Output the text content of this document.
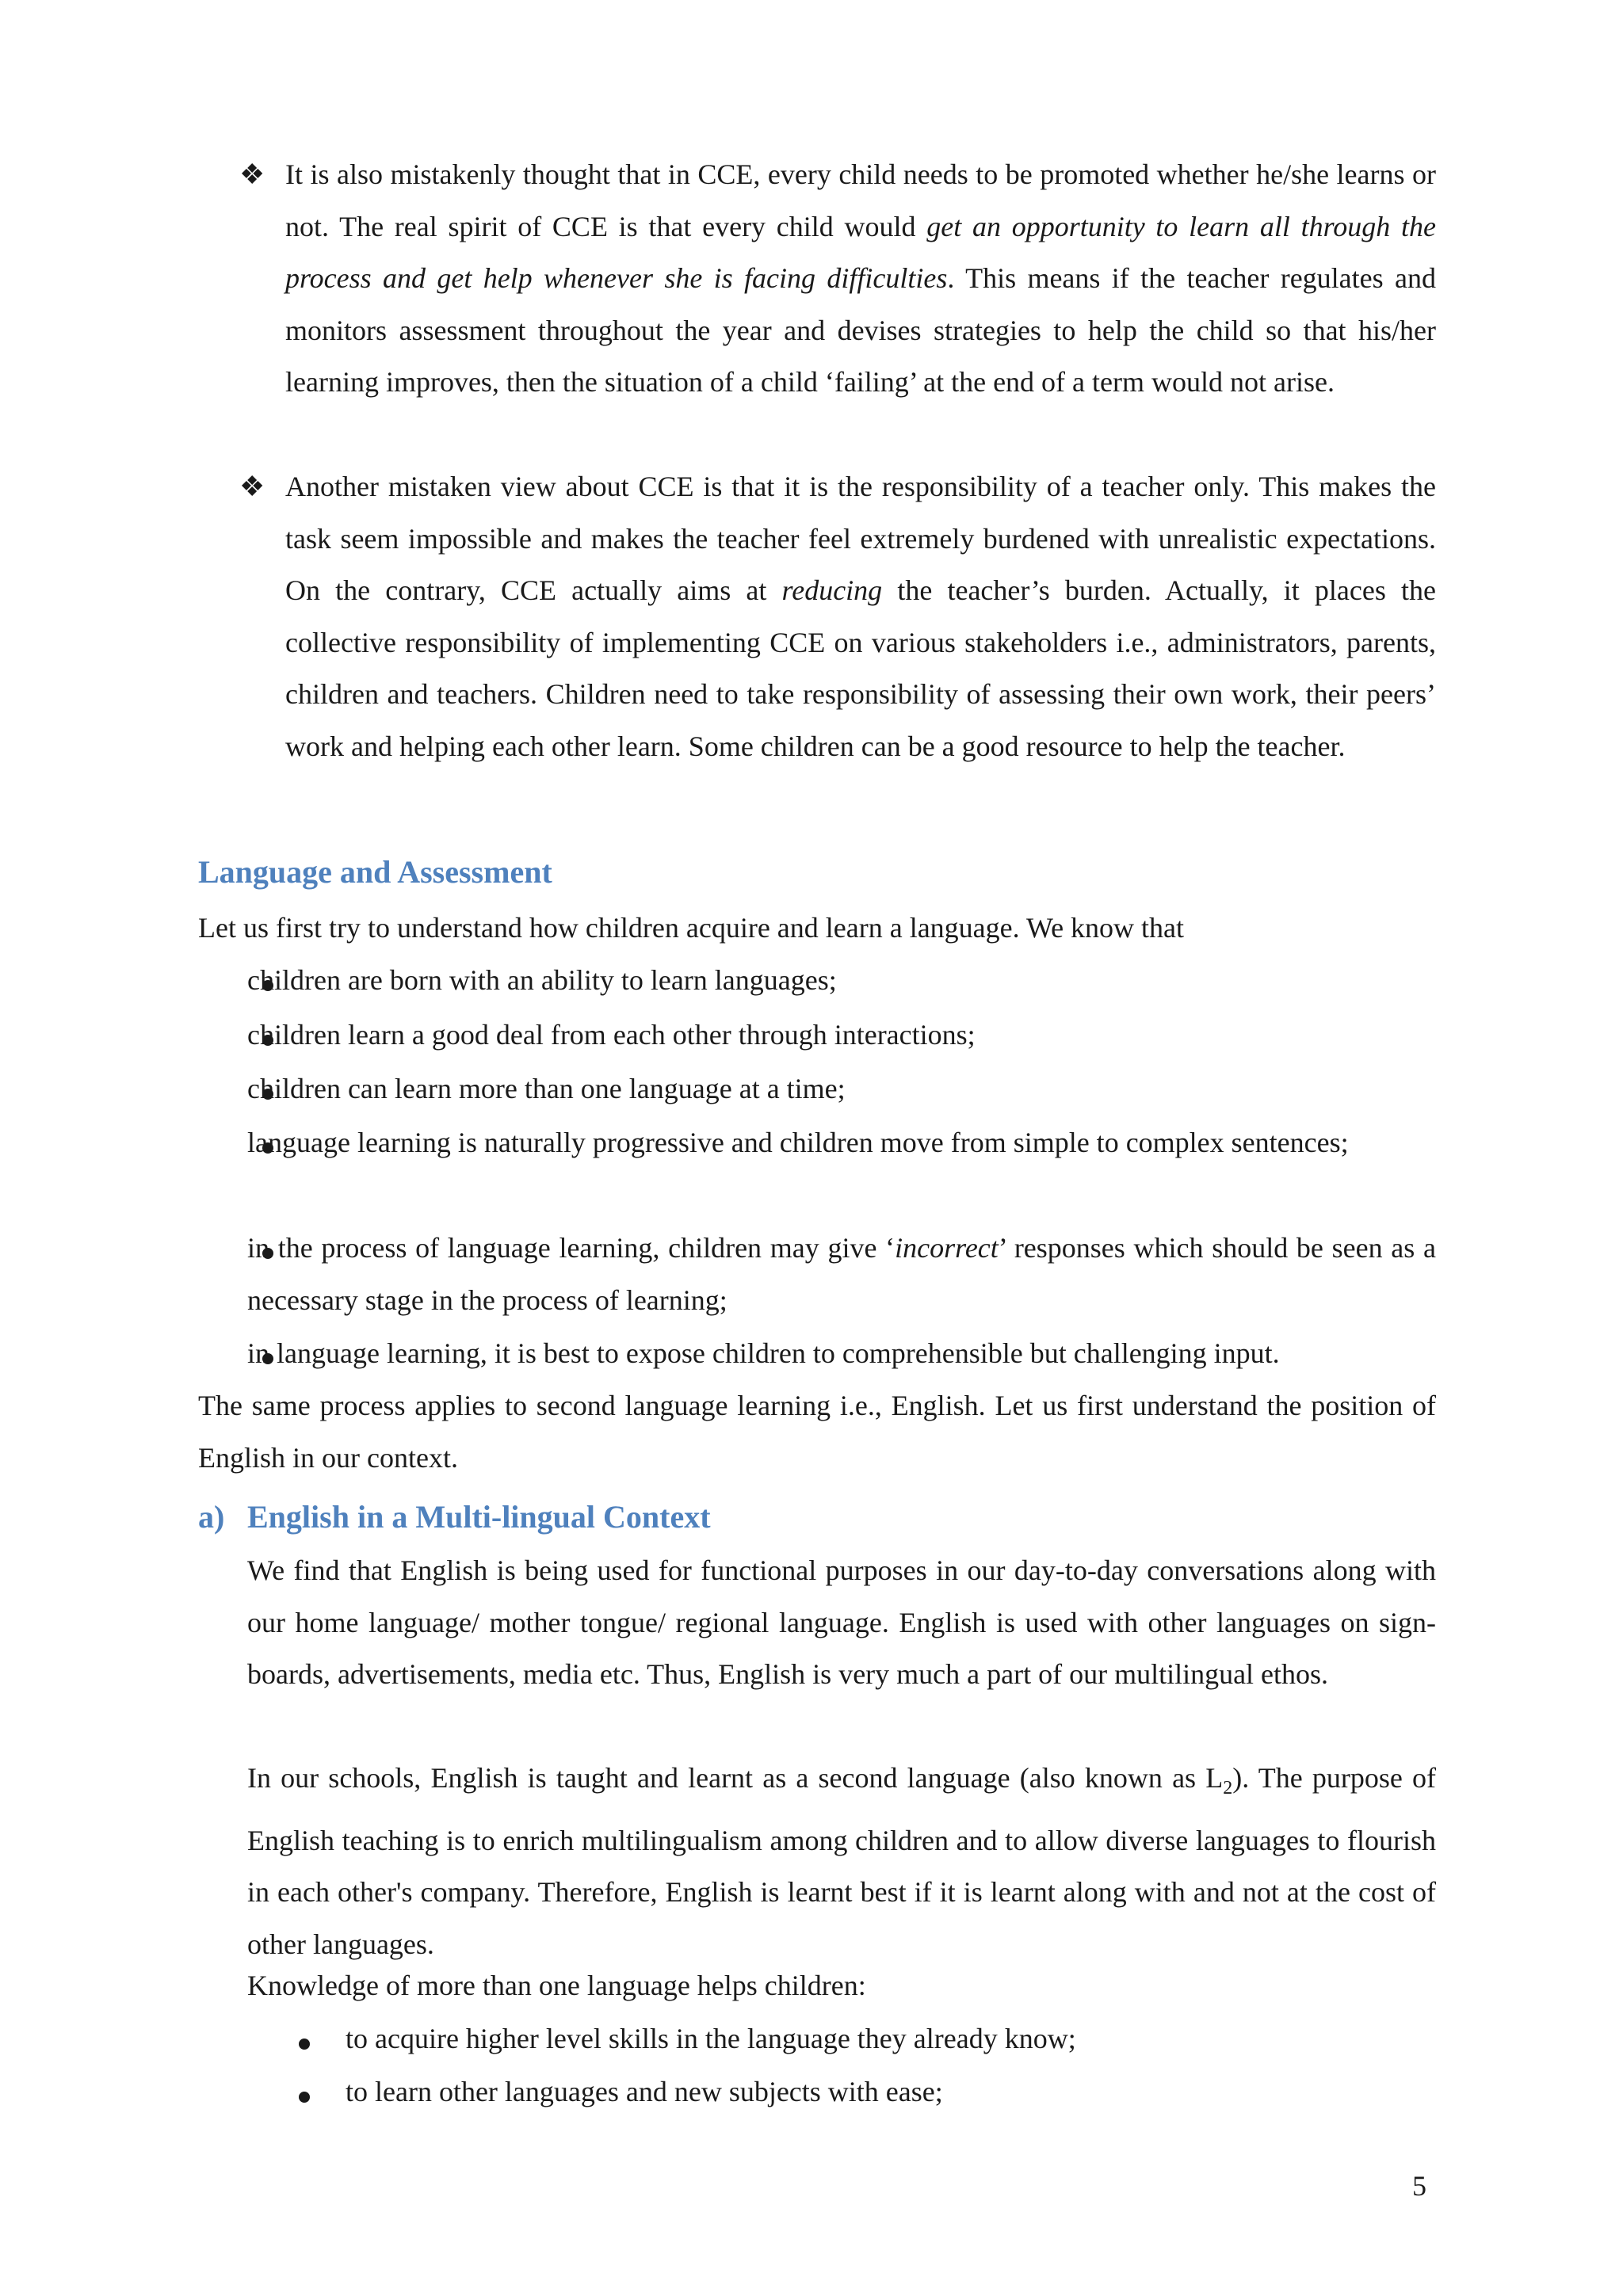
❖ It is also mistakenly thought that in CCE, every child needs to be promoted whether he/she learns or not. The real spirit of CCE is that every child would get an opportunity to learn all through the process and get help whenever she is facing difficulties. This means if the teacher regulates and monitors assessment throughout the year and devises strategies to help the child so that his/her learning improves, then the situation of a child ‘failing’ at the end of a term would not arise.

❖ Another mistaken view about CCE is that it is the responsibility of a teacher only. This makes the task seem impossible and makes the teacher feel extremely burdened with unrealistic expectations. On the contrary, CCE actually aims at reducing the teacher’s burden. Actually, it places the collective responsibility of implementing CCE on various stakeholders i.e., administrators, parents, children and teachers. Children need to take responsibility of assessing their own work, their peers’ work and helping each other learn. Some children can be a good resource to help the teacher.

Language and Assessment

Let us first try to understand how children acquire and learn a language. We know that

children are born with an ability to learn languages;

children learn a good deal from each other through interactions;

children can learn more than one language at a time;

language learning is naturally progressive and children move from simple to complex sentences;

in the process of language learning, children may give ‘incorrect’ responses which should be seen as a necessary stage in the process of learning;

in language learning, it is best to expose children to comprehensible but challenging input.

The same process applies to second language learning i.e., English. Let us first understand the position of English in our context.

a) English in a Multi-lingual Context

We find that English is being used for functional purposes in our day-to-day conversations along with our home language/ mother tongue/ regional language. English is used with other languages on sign-boards, advertisements, media etc. Thus, English is very much a part of our multilingual ethos.

In our schools, English is taught and learnt as a second language (also known as $L_2$). The purpose of English teaching is to enrich multilingualism among children and to allow diverse languages to flourish in each other's company. Therefore, English is learnt best if it is learnt along with and not at the cost of other languages.

Knowledge of more than one language helps children:

to acquire higher level skills in the language they already know;

to learn other languages and new subjects with ease;

5
